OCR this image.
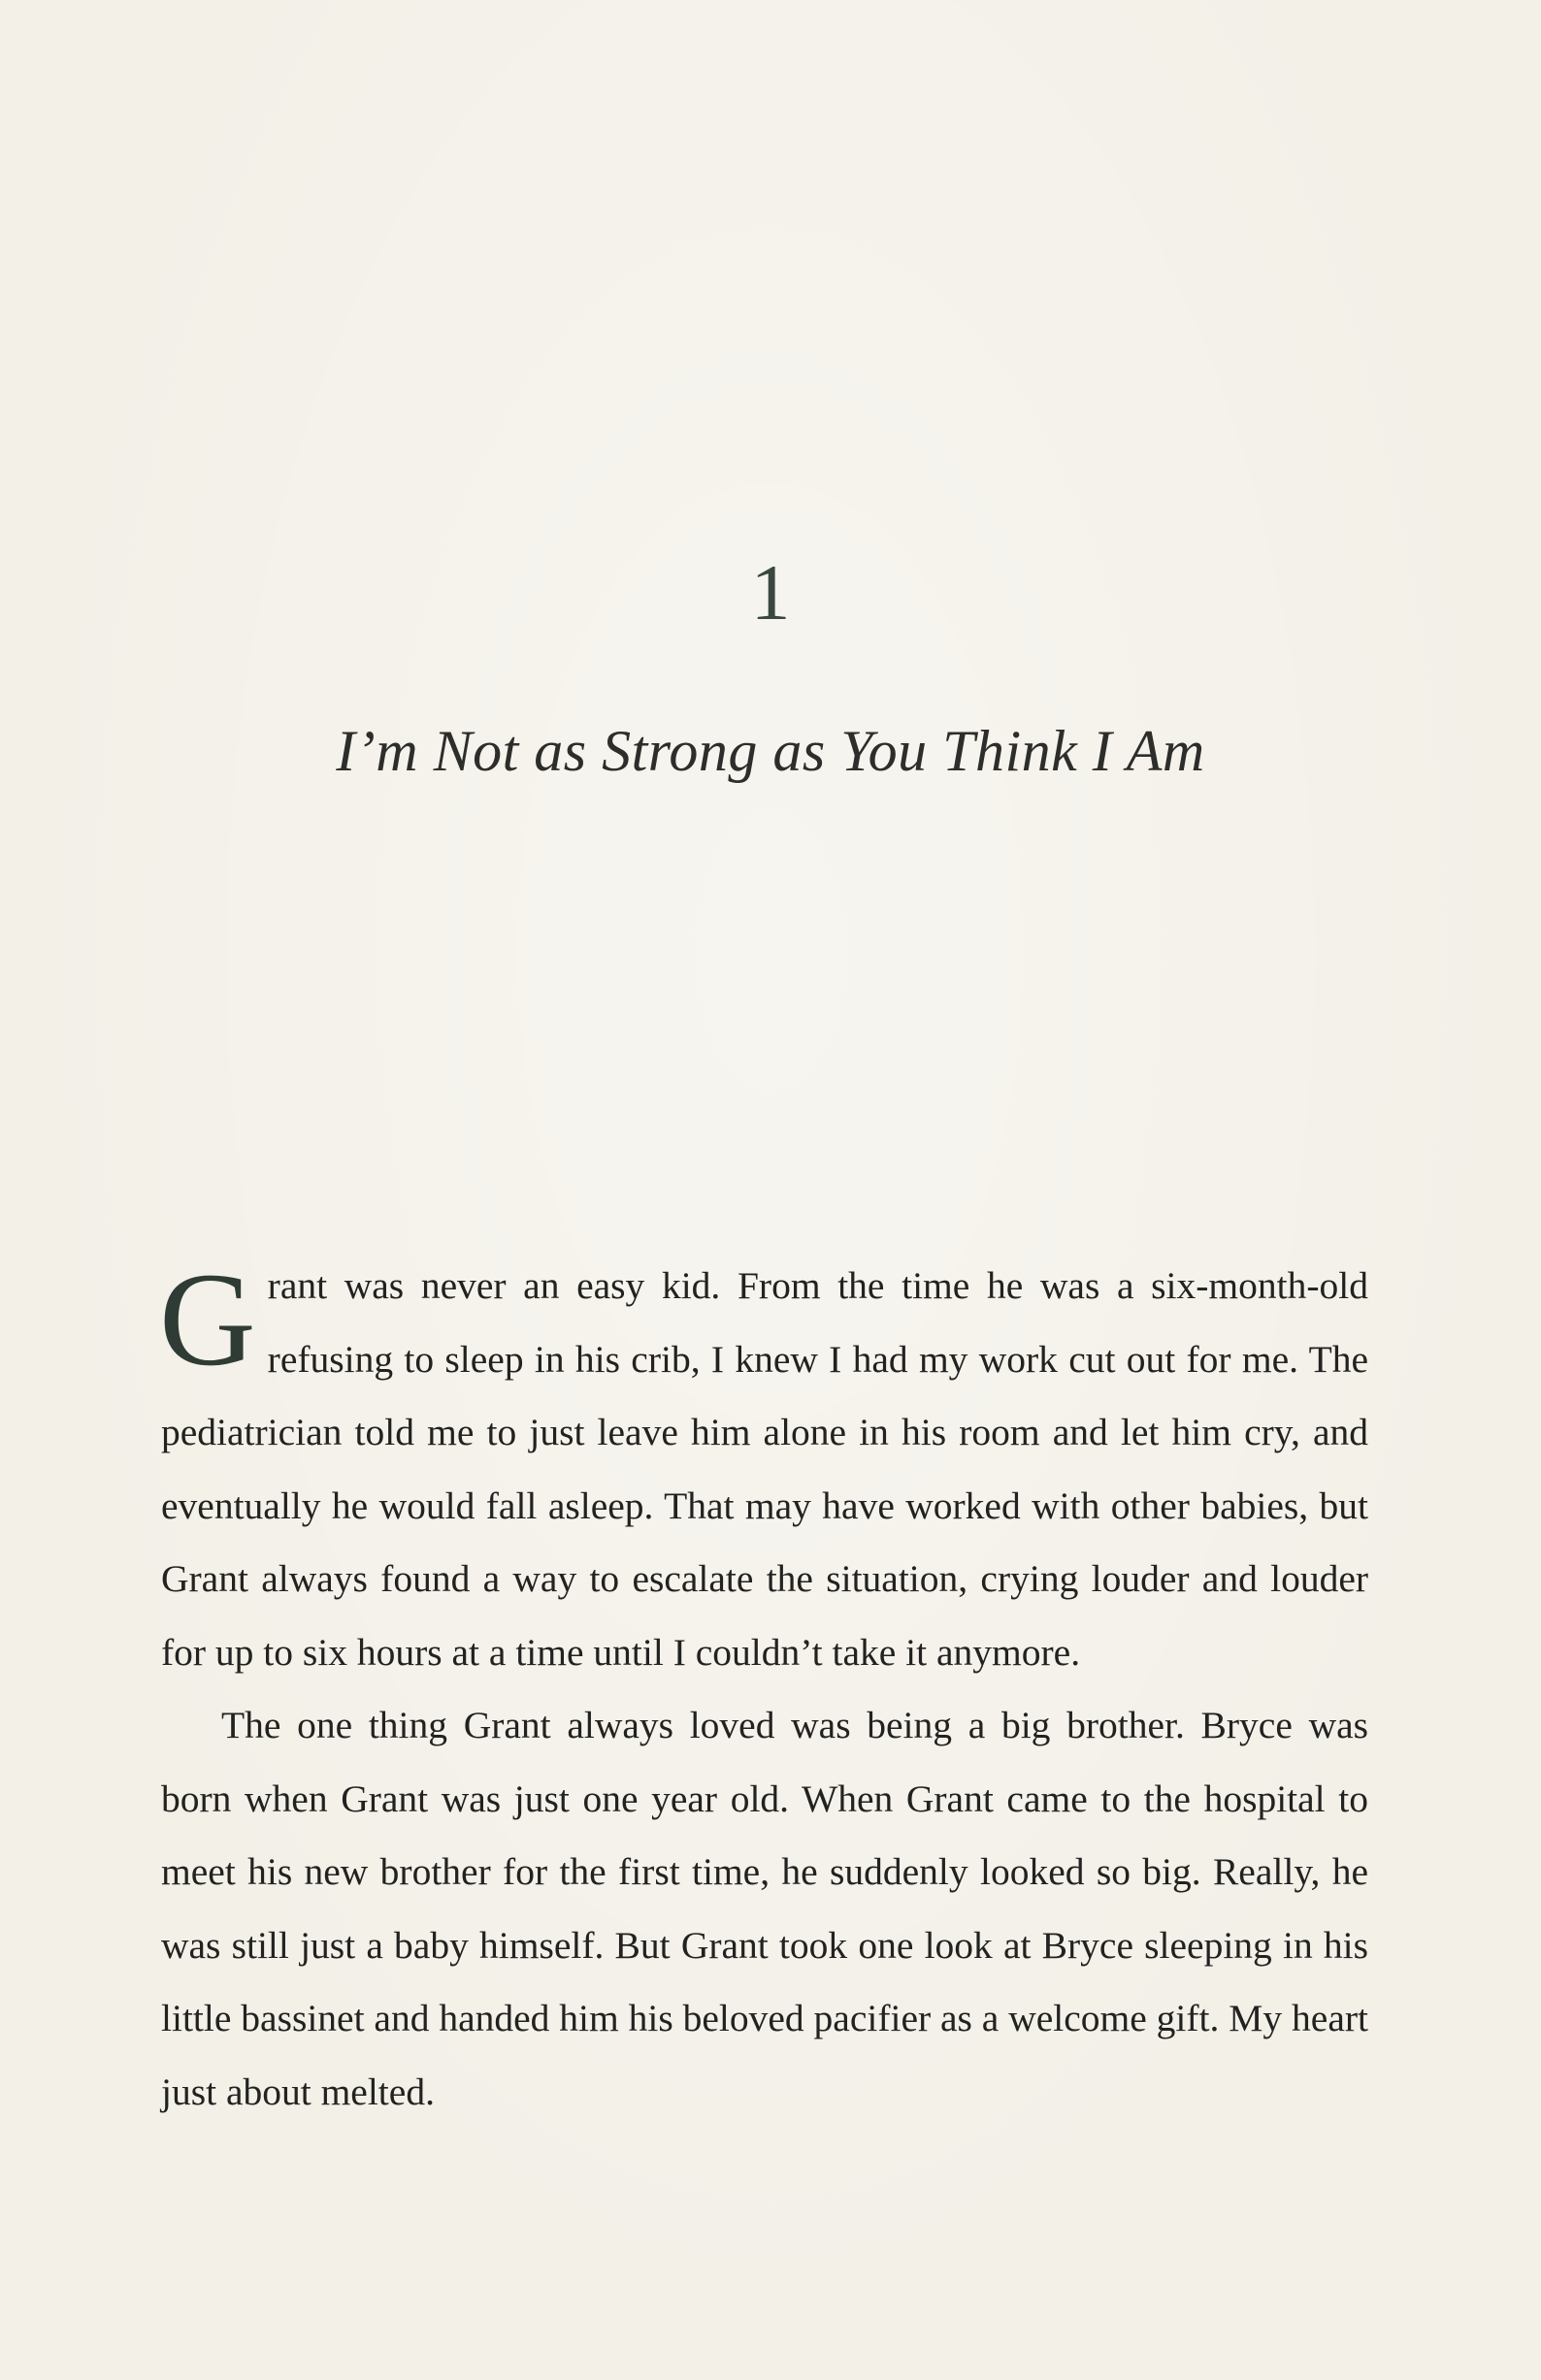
1
I’m Not as Strong as You Think I Am

Grant was never an easy kid. From the time he was a six-month-old refusing to sleep in his crib, I knew I had my work cut out for me. The pediatrician told me to just leave him alone in his room and let him cry, and eventually he would fall asleep. That may have worked with other babies, but Grant always found a way to escalate the situation, crying louder and louder for up to six hours at a time until I couldn’t take it anymore.

The one thing Grant always loved was being a big brother. Bryce was born when Grant was just one year old. When Grant came to the hospital to meet his new brother for the first time, he suddenly looked so big. Really, he was still just a baby himself. But Grant took one look at Bryce sleeping in his little bassinet and handed him his beloved pacifier as a welcome gift. My heart just about melted.
